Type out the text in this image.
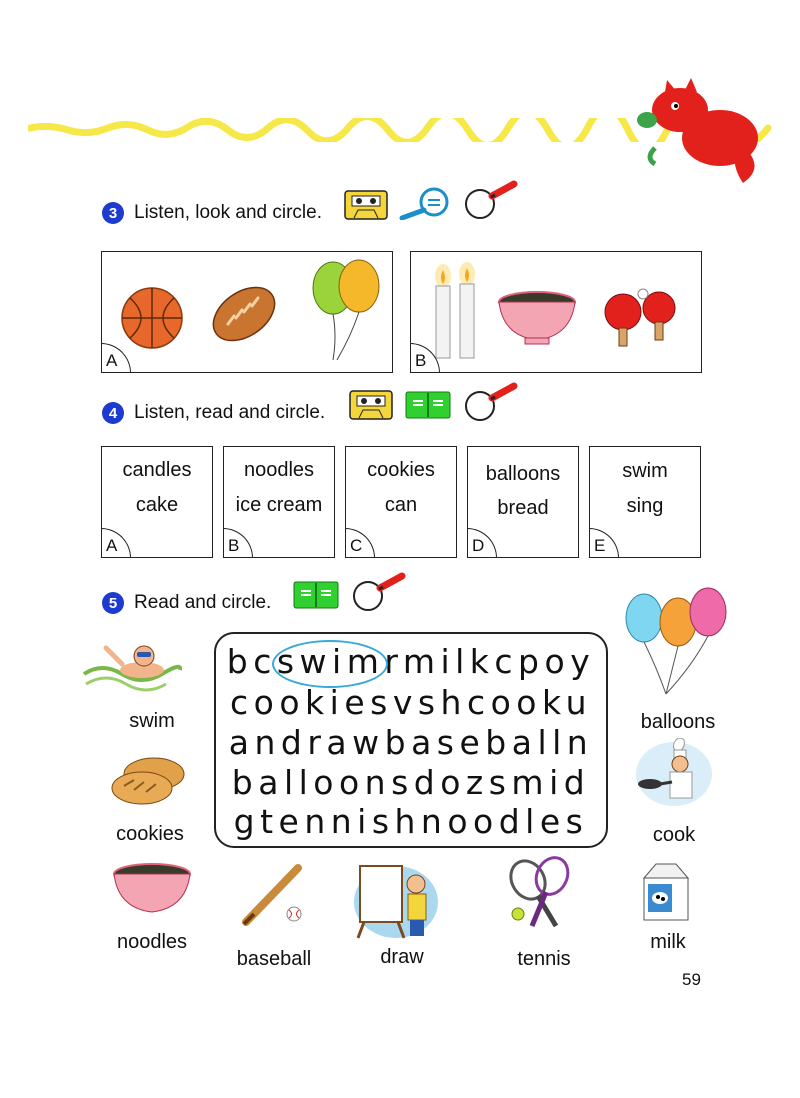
3 Listen, look and circle.
A	B
4 Listen, read and circle.
candles
cake
A
noodles
ice cream
B
cookies
can
C
balloons
bread
D
swim
sing
E
5 Read and circle.
bcswimrmilkcpoy
cookiesvshcooku
andrawbaseballn
balloonsdozsmid
gtennishnoodles
swim
cookies
noodles
baseball	draw	tennis
balloons
cook
milk
59
